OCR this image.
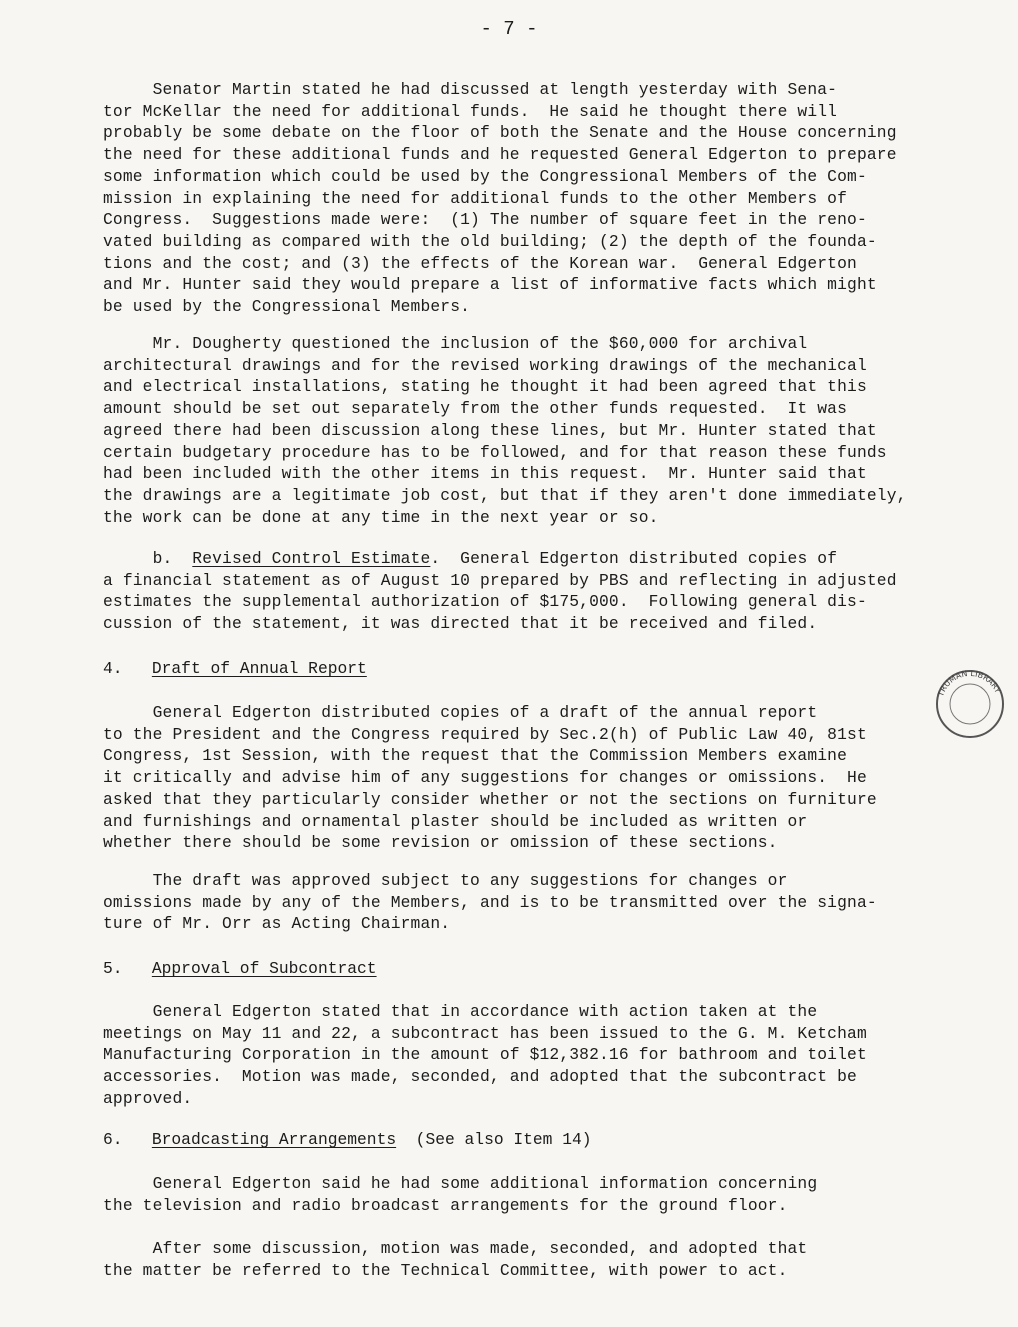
- 7 -
Senator Martin stated he had discussed at length yesterday with Sena-
tor McKellar the need for additional funds.  He said he thought there will
probably be some debate on the floor of both the Senate and the House concerning
the need for these additional funds and he requested General Edgerton to prepare
some information which could be used by the Congressional Members of the Com-
mission in explaining the need for additional funds to the other Members of
Congress.  Suggestions made were:  (1) The number of square feet in the reno-
vated building as compared with the old building; (2) the depth of the founda-
tions and the cost; and (3) the effects of the Korean war.  General Edgerton
and Mr. Hunter said they would prepare a list of informative facts which might
be used by the Congressional Members.
Mr. Dougherty questioned the inclusion of the $60,000 for archival
architectural drawings and for the revised working drawings of the mechanical
and electrical installations, stating he thought it had been agreed that this
amount should be set out separately from the other funds requested.  It was
agreed there had been discussion along these lines, but Mr. Hunter stated that
certain budgetary procedure has to be followed, and for that reason these funds
had been included with the other items in this request.  Mr. Hunter said that
the drawings are a legitimate job cost, but that if they aren't done immediately,
the work can be done at any time in the next year or so.
b.  Revised Control Estimate.  General Edgerton distributed copies of
a financial statement as of August 10 prepared by PBS and reflecting in adjusted
estimates the supplemental authorization of $175,000.  Following general dis-
cussion of the statement, it was directed that it be received and filed.
4. Draft of Annual Report
General Edgerton distributed copies of a draft of the annual report
to the President and the Congress required by Sec.2(h) of Public Law 40, 81st
Congress, 1st Session, with the request that the Commission Members examine
it critically and advise him of any suggestions for changes or omissions.  He
asked that they particularly consider whether or not the sections on furniture
and furnishings and ornamental plaster should be included as written or
whether there should be some revision or omission of these sections.
The draft was approved subject to any suggestions for changes or
omissions made by any of the Members, and is to be transmitted over the signa-
ture of Mr. Orr as Acting Chairman.
5. Approval of Subcontract
General Edgerton stated that in accordance with action taken at the
meetings on May 11 and 22, a subcontract has been issued to the G. M. Ketcham
Manufacturing Corporation in the amount of $12,382.16 for bathroom and toilet
accessories.  Motion was made, seconded, and adopted that the subcontract be
approved.
6. Broadcasting Arrangements (See also Item 14)
General Edgerton said he had some additional information concerning
the television and radio broadcast arrangements for the ground floor.
After some discussion, motion was made, seconded, and adopted that
the matter be referred to the Technical Committee, with power to act.
TRUMAN LIBRARY
